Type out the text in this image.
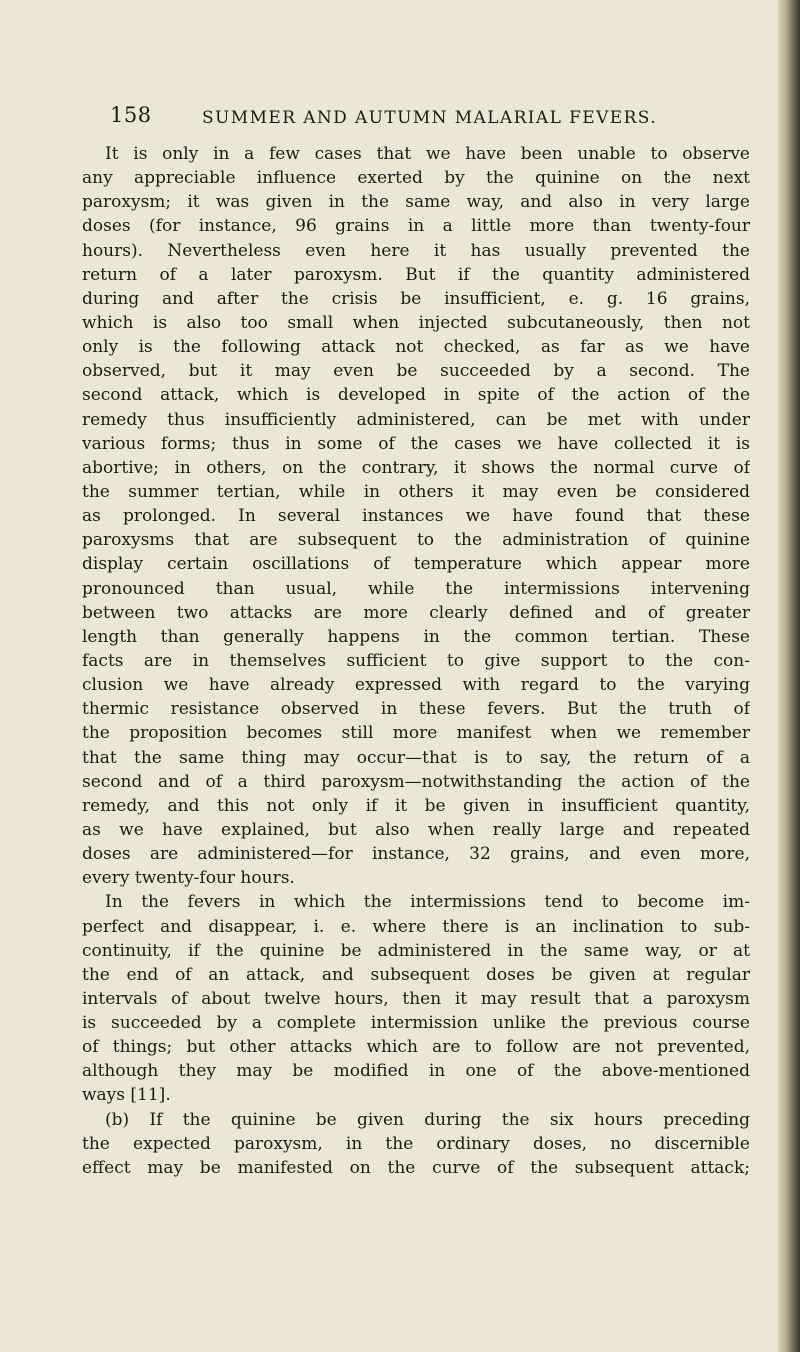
158	SUMMER AND AUTUMN MALARIAL FEVERS.
It is only in a few cases that we have been unable to observe
any appreciable influence exerted by the quinine on the next
paroxysm; it was given in the same way, and also in very large
doses (for instance, 96 grains in a little more than twenty-four
hours). Nevertheless even here it has usually prevented the
return of a later paroxysm. But if the quantity administered
during and after the crisis be insufficient, e. g. 16 grains,
which is also too small when injected subcutaneously, then not
only is the following attack not checked, as far as we have
observed, but it may even be succeeded by a second. The
second attack, which is developed in spite of the action of the
remedy thus insufficiently administered, can be met with under
various forms; thus in some of the cases we have collected it is
abortive; in others, on the contrary, it shows the normal curve of
the summer tertian, while in others it may even be considered
as prolonged. In several instances we have found that these
paroxysms that are subsequent to the administration of quinine
display certain oscillations of temperature which appear more
pronounced than usual, while the intermissions intervening
between two attacks are more clearly defined and of greater
length than generally happens in the common tertian. These
facts are in themselves sufficient to give support to the con-
clusion we have already expressed with regard to the varying
thermic resistance observed in these fevers. But the truth of
the proposition becomes still more manifest when we remember
that the same thing may occur—that is to say, the return of a
second and of a third paroxysm—notwithstanding the action of the
remedy, and this not only if it be given in insufficient quantity,
as we have explained, but also when really large and repeated
doses are administered—for instance, 32 grains, and even more,
every twenty-four hours.
In the fevers in which the intermissions tend to become im-
perfect and disappear, i. e. where there is an inclination to sub-
continuity, if the quinine be administered in the same way, or at
the end of an attack, and subsequent doses be given at regular
intervals of about twelve hours, then it may result that a paroxysm
is succeeded by a complete intermission unlike the previous course
of things; but other attacks which are to follow are not prevented,
although they may be modified in one of the above-mentioned
ways [11].
(b) If the quinine be given during the six hours preceding
the expected paroxysm, in the ordinary doses, no discernible
effect may be manifested on the curve of the subsequent attack;
